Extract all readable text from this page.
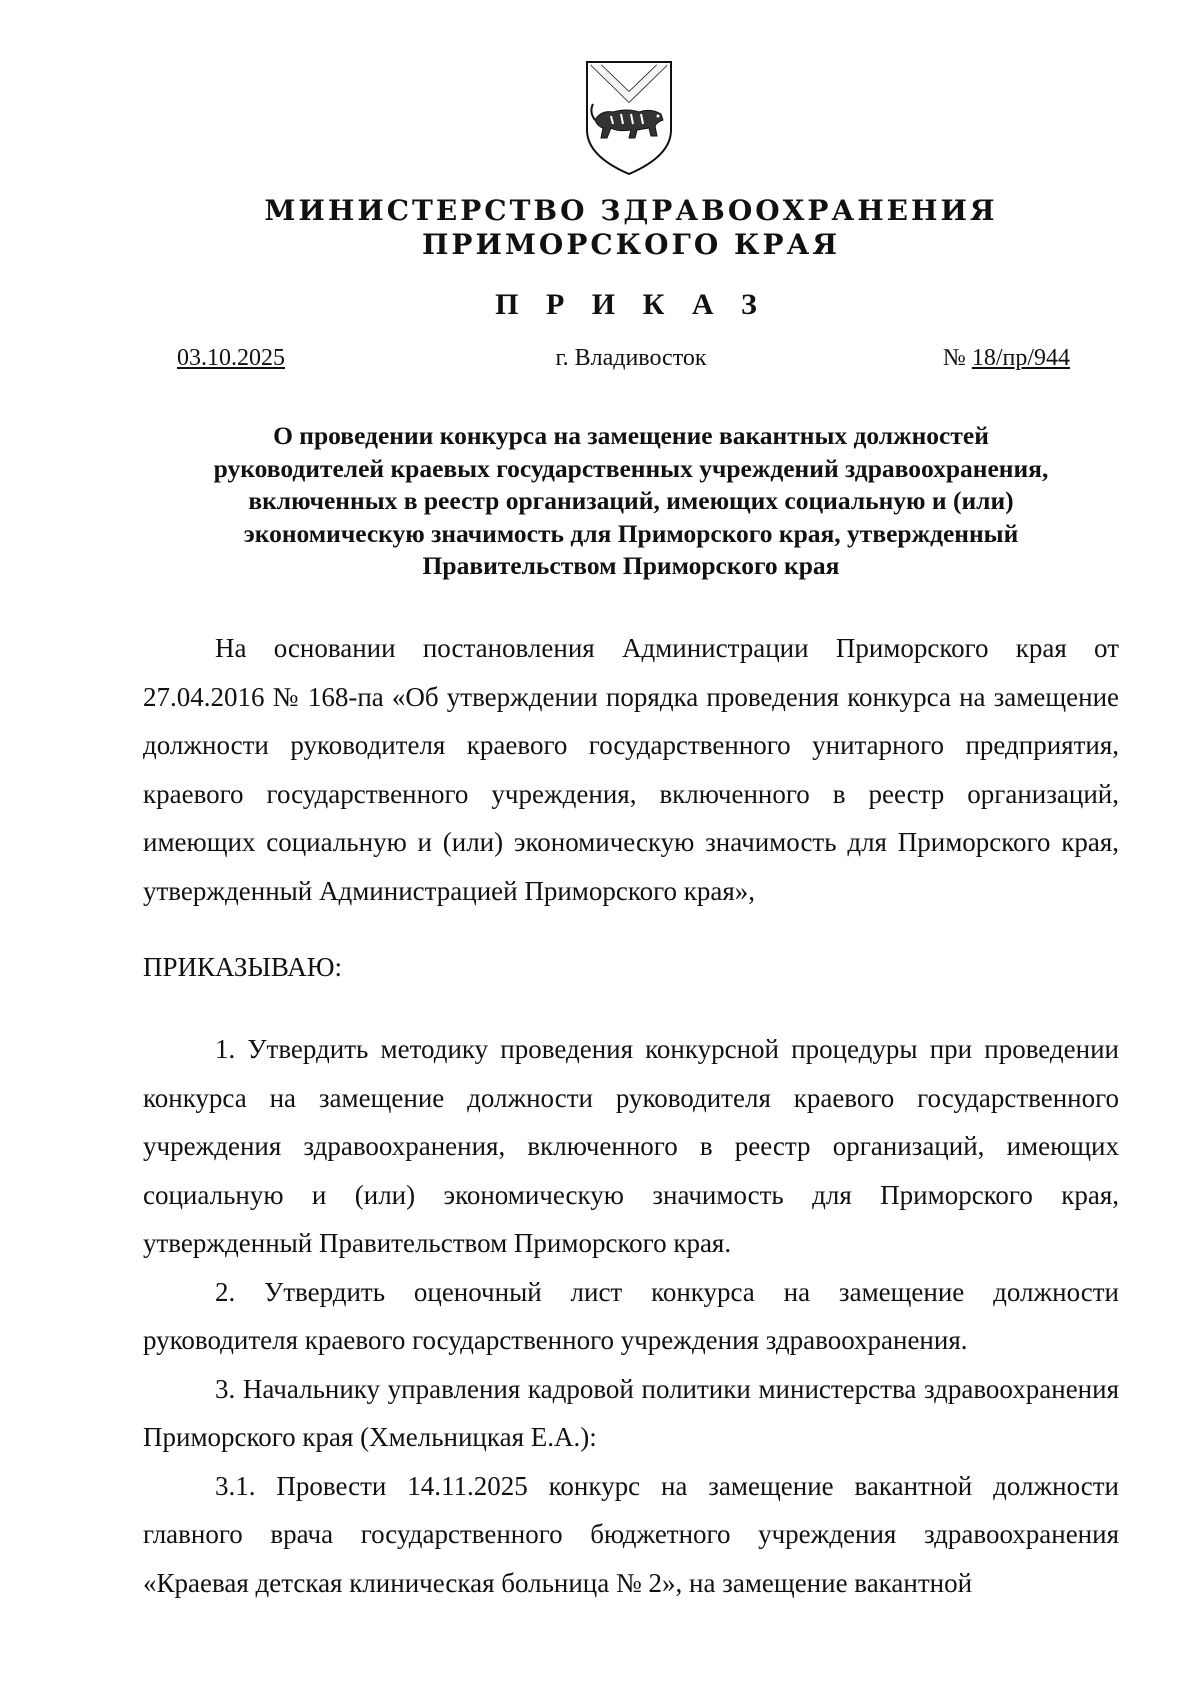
МИНИСТЕРСТВО ЗДРАВООХРАНЕНИЯ
ПРИМОРСКОГО КРАЯ
П Р И К А З
03.10.2025	г. Владивосток	№ 18/пр/944
О проведении конкурса на замещение вакантных должностей
руководителей краевых государственных учреждений здравоохранения,
включенных в реестр организаций, имеющих социальную и (или)
экономическую значимость для Приморского края, утвержденный
Правительством Приморского края
На основании постановления Администрации Приморского края от 27.04.2016 № 168-па «Об утверждении порядка проведения конкурса на замещение должности руководителя краевого государственного унитарного предприятия, краевого государственного учреждения, включенного в реестр организаций, имеющих социальную и (или) экономическую значимость для Приморского края, утвержденный Администрацией Приморского края»,
ПРИКАЗЫВАЮ:

1. Утвердить методику проведения конкурсной процедуры при проведении конкурса на замещение должности руководителя краевого государственного учреждения здравоохранения, включенного в реестр организаций, имеющих социальную и (или) экономическую значимость для Приморского края, утвержденный Правительством Приморского края.

2. Утвердить оценочный лист конкурса на замещение должности руководителя краевого государственного учреждения здравоохранения.

3. Начальнику управления кадровой политики министерства здравоохранения Приморского края (Хмельницкая Е.А.):

3.1. Провести 14.11.2025 конкурс на замещение вакантной должности главного врача государственного бюджетного учреждения здравоохранения «Краевая детская клиническая больница № 2», на замещение вакантной
